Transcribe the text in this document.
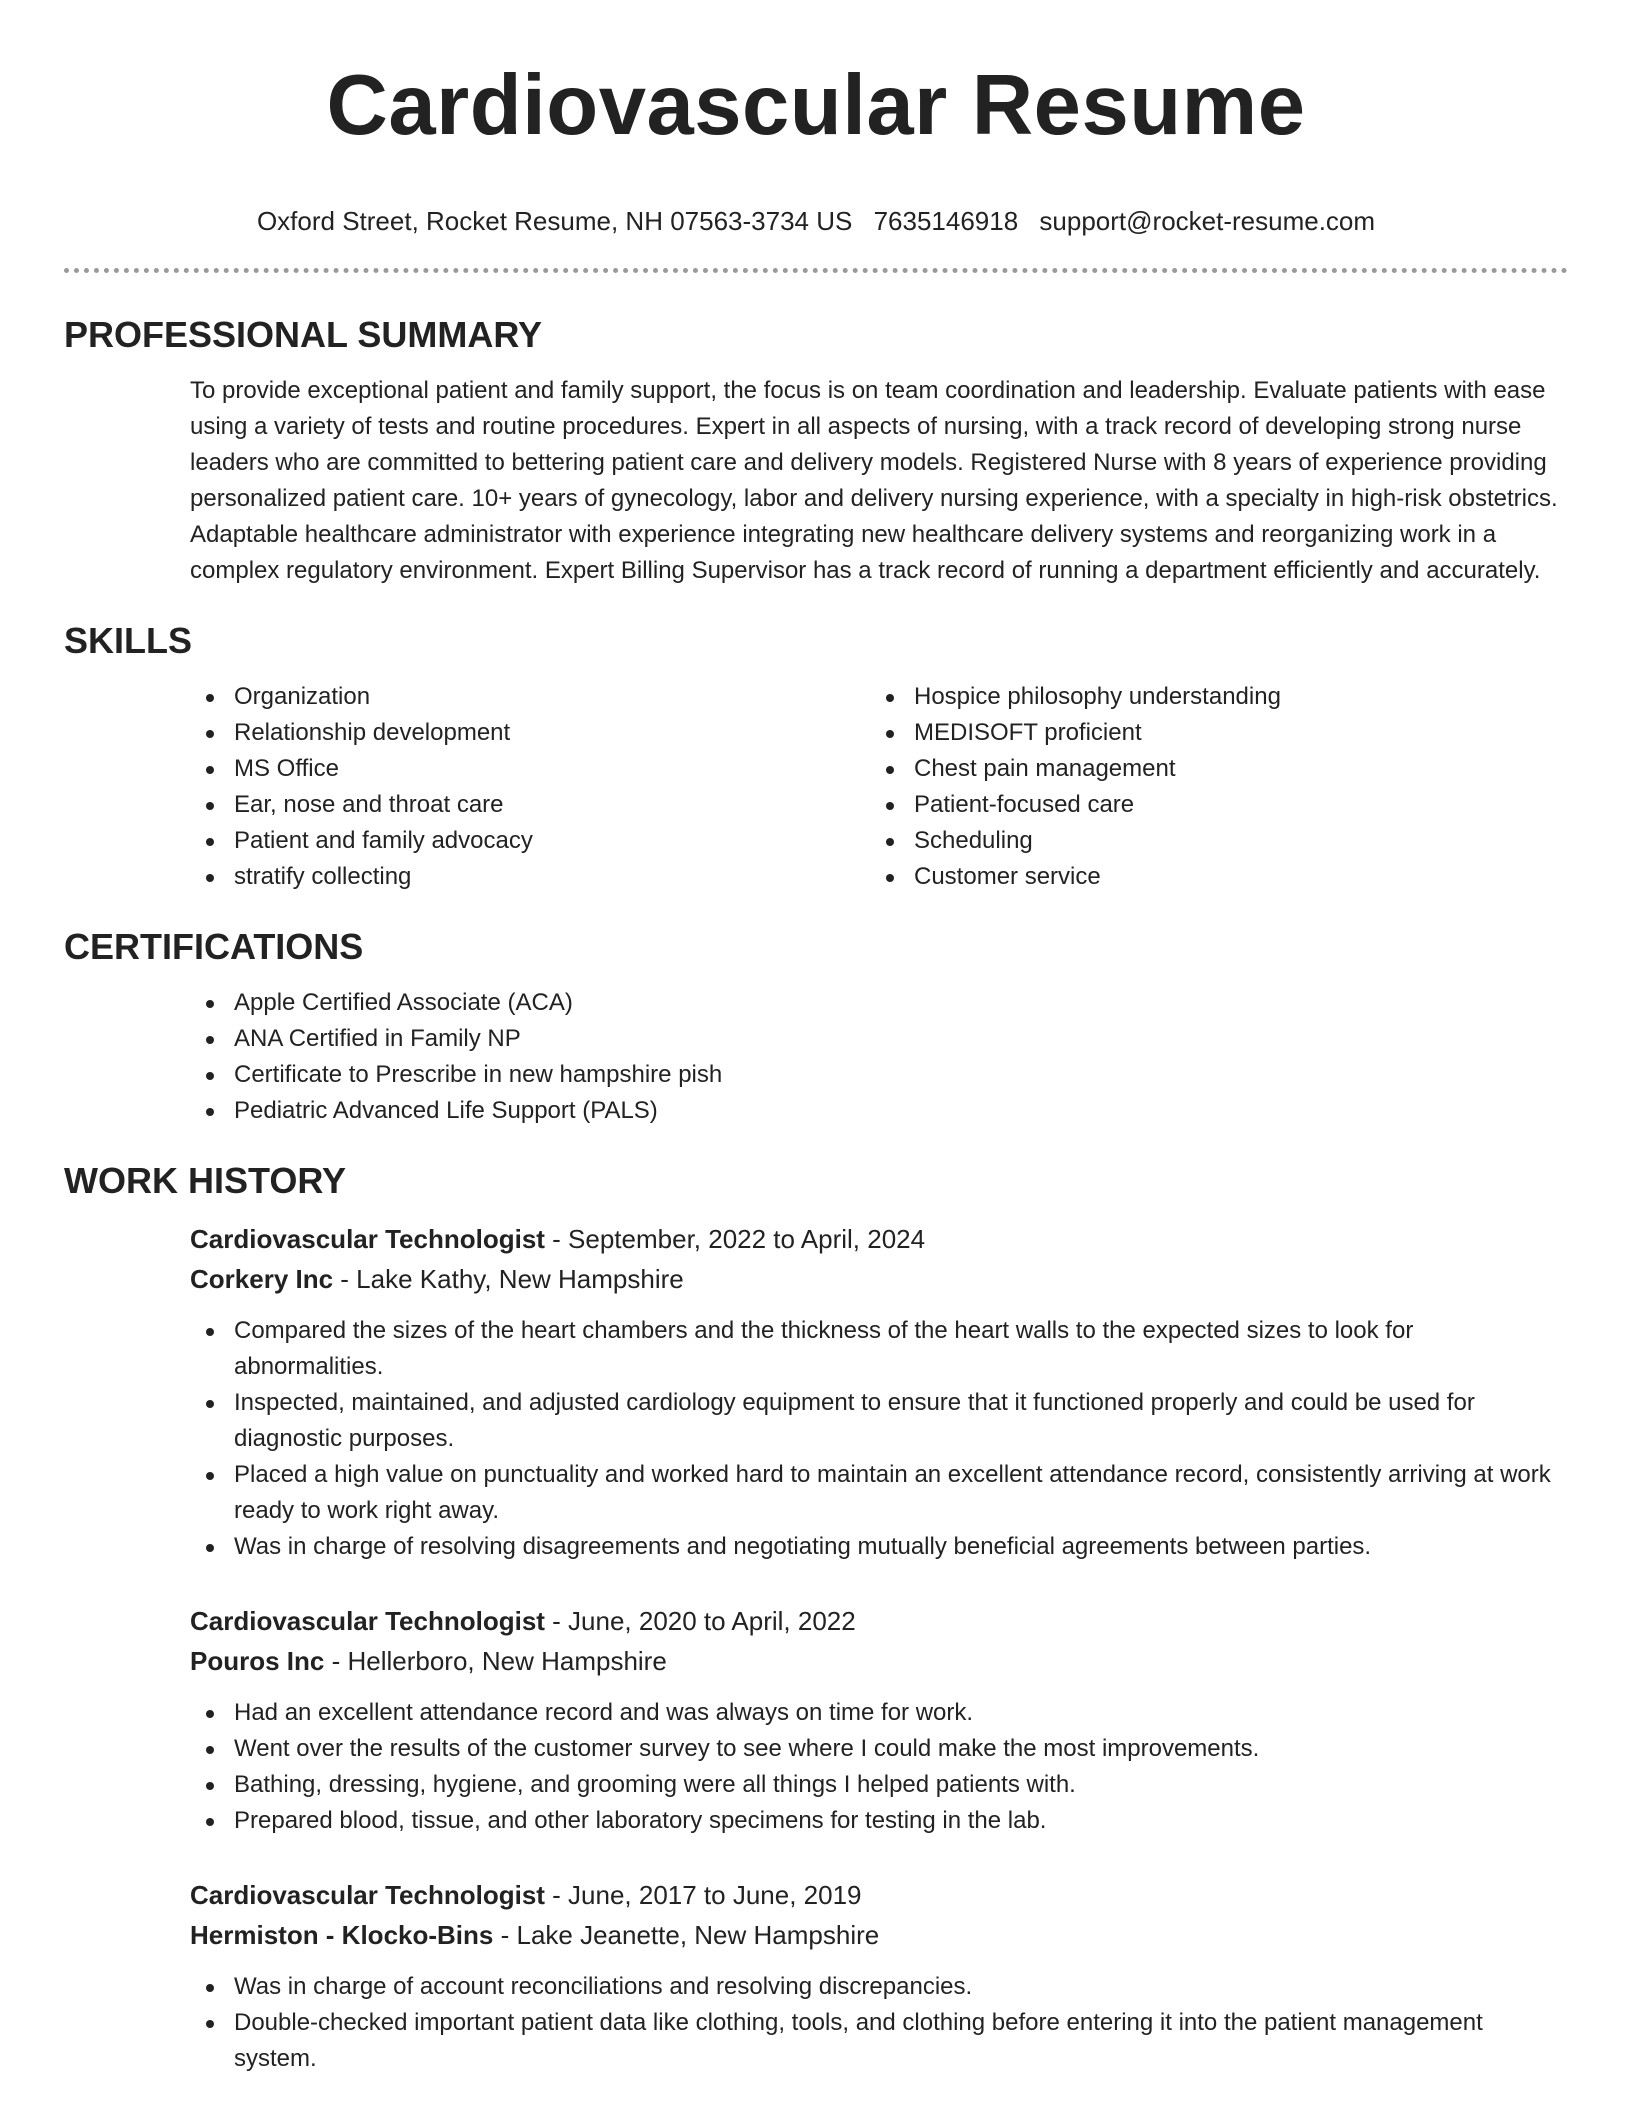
Cardiovascular Resume
Oxford Street, Rocket Resume, NH 07563-3734 US 7635146918 support@rocket-resume.com
PROFESSIONAL SUMMARY

To provide exceptional patient and family support, the focus is on team coordination and leadership. Evaluate patients with ease using a variety of tests and routine procedures. Expert in all aspects of nursing, with a track record of developing strong nurse leaders who are committed to bettering patient care and delivery models. Registered Nurse with 8 years of experience providing personalized patient care. 10+ years of gynecology, labor and delivery nursing experience, with a specialty in high-risk obstetrics. Adaptable healthcare administrator with experience integrating new healthcare delivery systems and reorganizing work in a complex regulatory environment. Expert Billing Supervisor has a track record of running a department efficiently and accurately.

SKILLS
Organization
Relationship development
MS Office
Ear, nose and throat care
Patient and family advocacy
stratify collecting
Hospice philosophy understanding
MEDISOFT proficient
Chest pain management
Patient-focused care
Scheduling
Customer service
CERTIFICATIONS
Apple Certified Associate (ACA)
ANA Certified in Family NP
Certificate to Prescribe in new hampshire pish
Pediatric Advanced Life Support (PALS)
WORK HISTORY
Cardiovascular Technologist - September, 2022 to April, 2024
Corkery Inc - Lake Kathy, New Hampshire
Compared the sizes of the heart chambers and the thickness of the heart walls to the expected sizes to look for abnormalities.
Inspected, maintained, and adjusted cardiology equipment to ensure that it functioned properly and could be used for diagnostic purposes.
Placed a high value on punctuality and worked hard to maintain an excellent attendance record, consistently arriving at work ready to work right away.
Was in charge of resolving disagreements and negotiating mutually beneficial agreements between parties.
Cardiovascular Technologist - June, 2020 to April, 2022
Pouros Inc - Hellerboro, New Hampshire
Had an excellent attendance record and was always on time for work.
Went over the results of the customer survey to see where I could make the most improvements.
Bathing, dressing, hygiene, and grooming were all things I helped patients with.
Prepared blood, tissue, and other laboratory specimens for testing in the lab.
Cardiovascular Technologist - June, 2017 to June, 2019
Hermiston - Klocko-Bins - Lake Jeanette, New Hampshire
Was in charge of account reconciliations and resolving discrepancies.
Double-checked important patient data like clothing, tools, and clothing before entering it into the patient management system.
